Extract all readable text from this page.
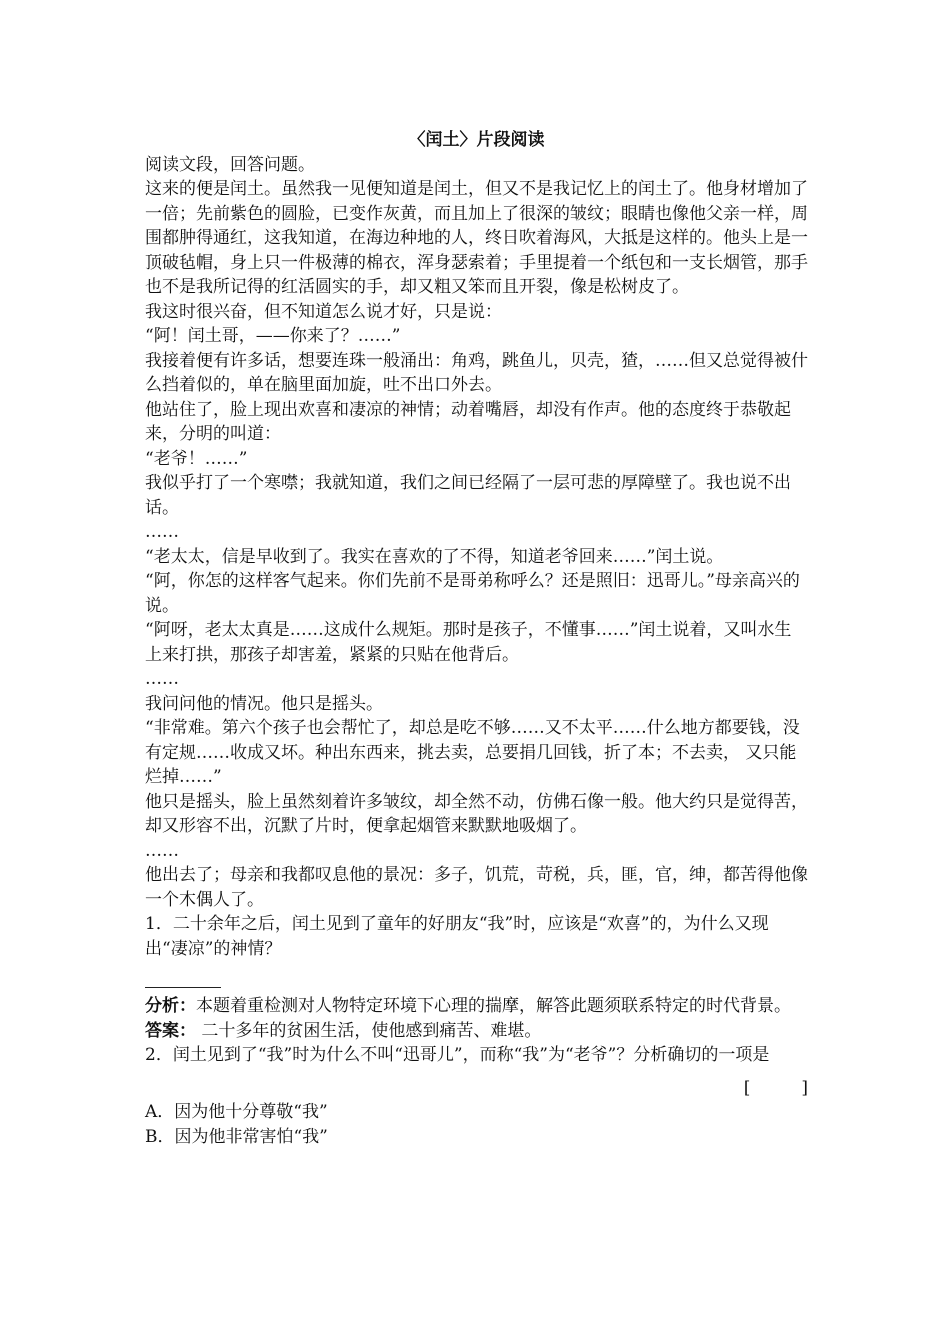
〈闰土〉片段阅读

阅读文段，回答问题。

这来的便是闰土。虽然我一见便知道是闰土，但又不是我记忆上的闰土了。他身材增加了一倍；先前紫色的圆脸，已变作灰黄，而且加上了很深的皱纹；眼睛也像他父亲一样，周围都肿得通红，这我知道，在海边种地的人，终日吹着海风，大抵是这样的。他头上是一顶破毡帽，身上只一件极薄的棉衣，浑身瑟索着；手里提着一个纸包和一支长烟管，那手也不是我所记得的红活圆实的手，却又粗又笨而且开裂，像是松树皮了。

我这时很兴奋，但不知道怎么说才好，只是说：

“阿！闰土哥，——你来了？……”

我接着便有许多话，想要连珠一般涌出：角鸡，跳鱼儿，贝壳，猹，……但又总觉得被什么挡着似的，单在脑里面加旋，吐不出口外去。

他站住了，脸上现出欢喜和凄凉的神情；动着嘴唇，却没有作声。他的态度终于恭敬起来，分明的叫道：

“老爷！……”

我似乎打了一个寒噤；我就知道，我们之间已经隔了一层可悲的厚障壁了。我也说不出话。

……

“老太太，信是早收到了。我实在喜欢的了不得，知道老爷回来……”闰土说。

“阿，你怎的这样客气起来。你们先前不是哥弟称呼么？还是照旧：迅哥儿。”母亲高兴的说。

“阿呀，老太太真是……这成什么规矩。那时是孩子，不懂事……”闰土说着，又叫水生上来打拱，那孩子却害羞，紧紧的只贴在他背后。

……

我问问他的情况。他只是摇头。

“非常难。第六个孩子也会帮忙了，却总是吃不够……又不太平……什么地方都要钱，没有定规……收成又坏。种出东西来，挑去卖，总要捐几回钱，折了本；不去卖， 又只能烂掉……”

他只是摇头，脸上虽然刻着许多皱纹，却全然不动，仿佛石像一般。他大约只是觉得苦， 却又形容不出，沉默了片时，便拿起烟管来默默地吸烟了。

……

他出去了；母亲和我都叹息他的景况：多子，饥荒，苛税，兵，匪，官，绅，都苦得他像一个木偶人了。

1．二十余年之后，闰土见到了童年的好朋友“我”时，应该是“欢喜”的，为什么又现出“凄凉”的神情？

分析：本题着重检测对人物特定环境下心理的揣摩，解答此题须联系特定的时代背景。

答案： 二十多年的贫困生活，使他感到痛苦、难堪。

2．闰土见到了“我”时为什么不叫“迅哥儿”，而称“我”为“老爷”？分析确切的一项是

[　　　]

A．因为他十分尊敬“我”

B．因为他非常害怕“我”
